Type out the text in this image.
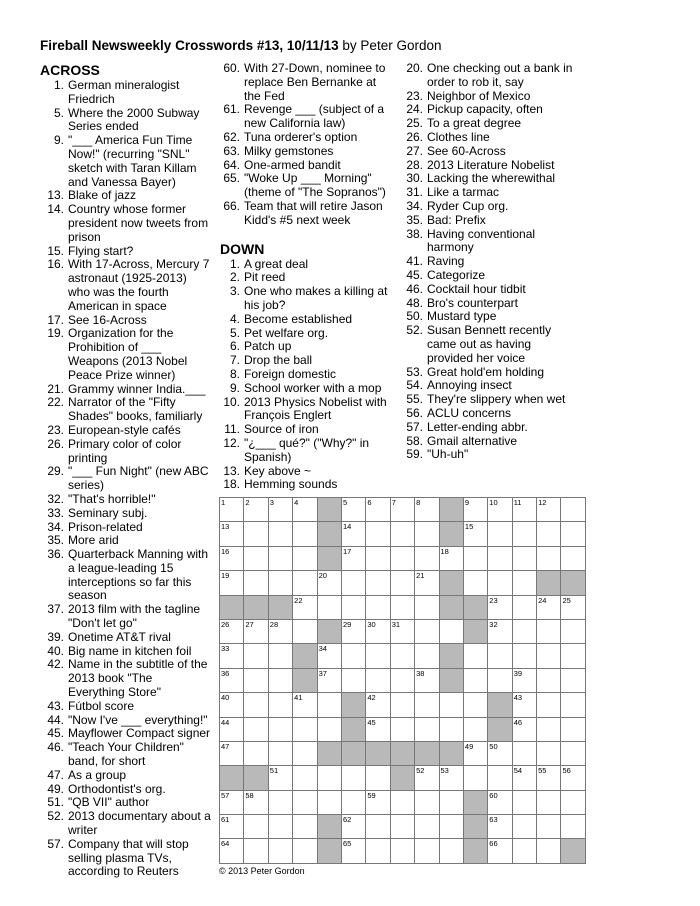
Fireball Newsweekly Crosswords #13, 10/11/13 by Peter Gordon
ACROSS
1. German mineralogist Friedrich
5. Where the 2000 Subway Series ended
9. "___ America Fun Time Now!" (recurring "SNL" sketch with Taran Killam and Vanessa Bayer)
13. Blake of jazz
14. Country whose former president now tweets from prison
15. Flying start?
16. With 17-Across, Mercury 7 astronaut (1925-2013) who was the fourth American in space
17. See 16-Across
19. Organization for the Prohibition of ___ Weapons (2013 Nobel Peace Prize winner)
21. Grammy winner India.___
22. Narrator of the "Fifty Shades" books, familiarly
23. European-style cafés
26. Primary color of color printing
29. "___ Fun Night" (new ABC series)
32. "That's horrible!"
33. Seminary subj.
34. Prison-related
35. More arid
36. Quarterback Manning with a league-leading 15 interceptions so far this season
37. 2013 film with the tagline "Don't let go"
39. Onetime AT&T rival
40. Big name in kitchen foil
42. Name in the subtitle of the 2013 book "The Everything Store"
43. Fútbol score
44. "Now I've ___ everything!"
45. Mayflower Compact signer
46. "Teach Your Children" band, for short
47. As a group
49. Orthodontist's org.
51. "QB VII" author
52. 2013 documentary about a writer
57. Company that will stop selling plasma TVs, according to Reuters
60. With 27-Down, nominee to replace Ben Bernanke at the Fed
61. Revenge ___ (subject of a new California law)
62. Tuna orderer's option
63. Milky gemstones
64. One-armed bandit
65. "Woke Up ___ Morning" (theme of "The Sopranos")
66. Team that will retire Jason Kidd's #5 next week
DOWN
1. A great deal
2. Pit reed
3. One who makes a killing at his job?
4. Become established
5. Pet welfare org.
6. Patch up
7. Drop the ball
8. Foreign domestic
9. School worker with a mop
10. 2013 Physics Nobelist with François Englert
11. Source of iron
12. "¿___ qué?" ("Why?" in Spanish)
13. Key above ~
18. Hemming sounds
20. One checking out a bank in order to rob it, say
23. Neighbor of Mexico
24. Pickup capacity, often
25. To a great degree
26. Clothes line
27. See 60-Across
28. 2013 Literature Nobelist
30. Lacking the wherewithal
31. Like a tarmac
34. Ryder Cup org.
35. Bad: Prefix
38. Having conventional harmony
41. Raving
45. Categorize
46. Cocktail hour tidbit
48. Bro's counterpart
50. Mustard type
52. Susan Bennett recently came out as having provided her voice
53. Great hold'em holding
54. Annoying insect
55. They're slippery when wet
56. ACLU concerns
57. Letter-ending abbr.
58. Gmail alternative
59. "Uh-uh"
1	2	3	4	5	6	7	8	9	10 11 12
13	14	15
16	17	18
19	20	21
22	23	24 25
26 27 28	29 30 31	32
33	34
36	37	38	39
40	41	42	43
44	45	46
47	49 50
51	52 53	54 55 56
57 58	59	60
61	62	63
64	65	66
© 2013 Peter Gordon
